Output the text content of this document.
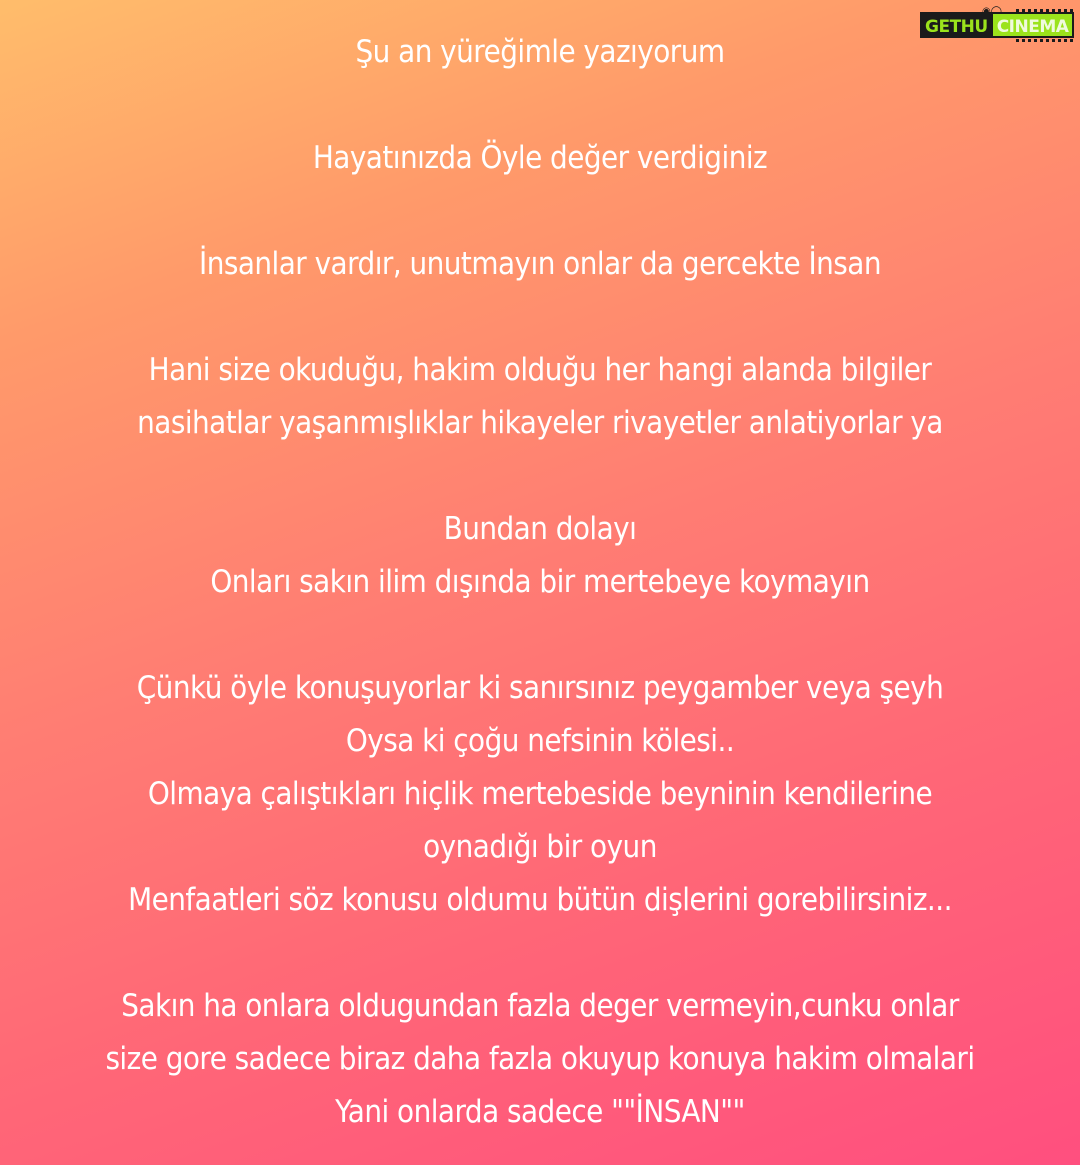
GETHU CINEMA
Şu an yüreğimle yazıyorum
Hayatınızda Öyle değer verdiginiz
İnsanlar vardır, unutmayın onlar da gercekte İnsan
Hani size okuduğu, hakim olduğu her hangi alanda bilgiler
nasihatlar yaşanmışlıklar hikayeler rivayetler anlatiyorlar ya
Bundan dolayı
Onları sakın ilim dışında bir mertebeye koymayın
Çünkü öyle konuşuyorlar ki sanırsınız peygamber veya şeyh
Oysa ki çoğu nefsinin kölesi..
Olmaya çalıştıkları hiçlik mertebeside beyninin kendilerine
oynadığı bir oyun
Menfaatleri söz konusu oldumu bütün dişlerini gorebilirsiniz...
Sakın ha onlara oldugundan fazla deger vermeyin,cunku onlar
size gore sadece biraz daha fazla okuyup konuya hakim olmalari
Yani onlarda sadece ""İNSAN""
